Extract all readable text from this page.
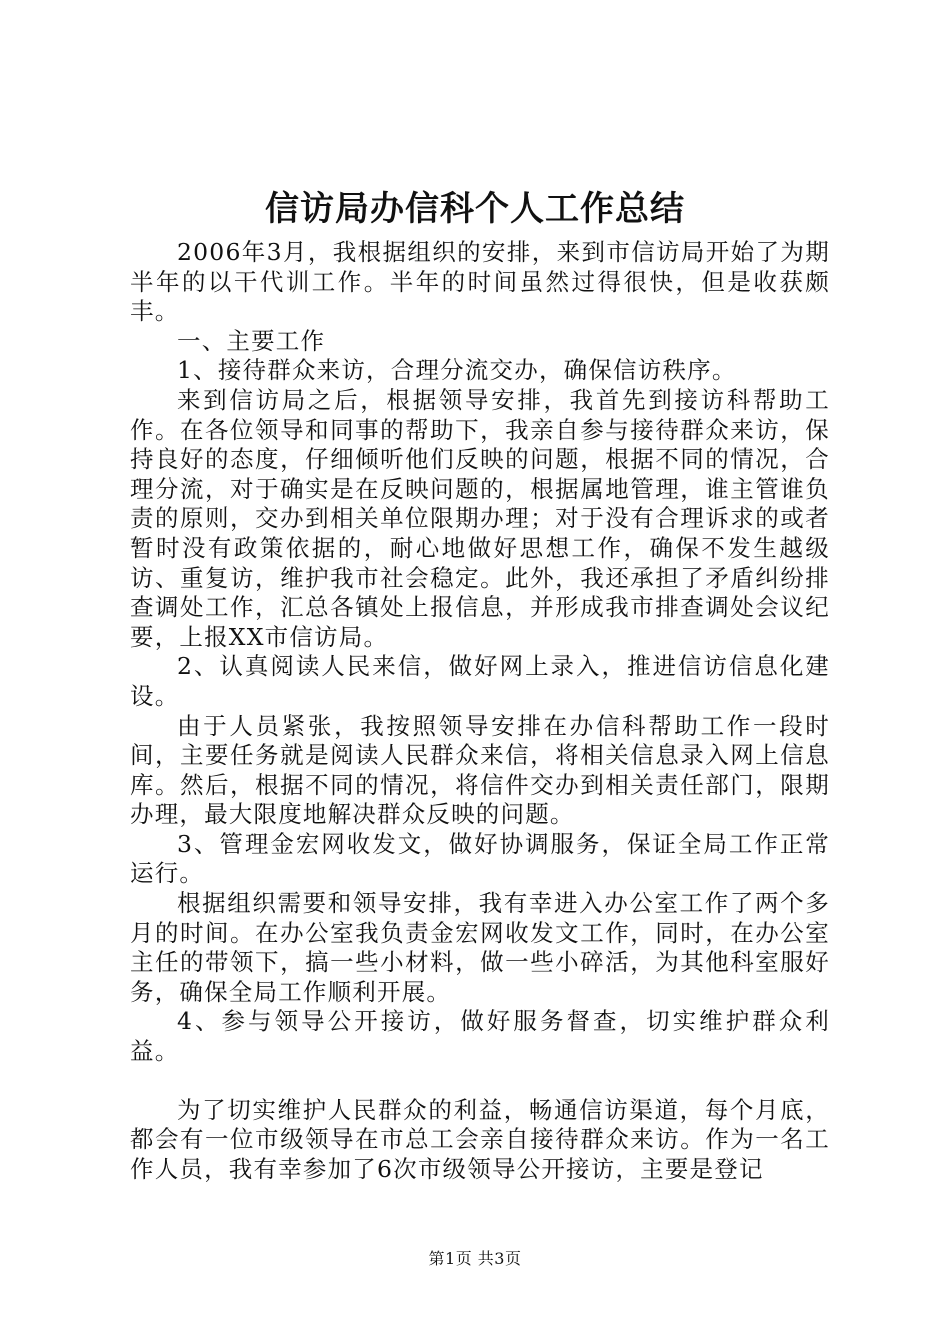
信访局办信科个人工作总结

2006年3月，我根据组织的安排，来到市信访局开始了为期半年的以干代训工作。半年的时间虽然过得很快，但是收获颇丰。

一、主要工作

1、接待群众来访，合理分流交办，确保信访秩序。

来到信访局之后，根据领导安排，我首先到接访科帮助工作。在各位领导和同事的帮助下，我亲自参与接待群众来访，保持良好的态度，仔细倾听他们反映的问题，根据不同的情况，合理分流，对于确实是在反映问题的，根据属地管理，谁主管谁负责的原则，交办到相关单位限期办理；对于没有合理诉求的或者暂时没有政策依据的，耐心地做好思想工作，确保不发生越级访、重复访，维护我市社会稳定。此外，我还承担了矛盾纠纷排查调处工作，汇总各镇处上报信息，并形成我市排查调处会议纪要，上报XX市信访局。

2、认真阅读人民来信，做好网上录入，推进信访信息化建设。

由于人员紧张，我按照领导安排在办信科帮助工作一段时间，主要任务就是阅读人民群众来信，将相关信息录入网上信息库。然后，根据不同的情况，将信件交办到相关责任部门，限期办理，最大限度地解决群众反映的问题。

3、管理金宏网收发文，做好协调服务，保证全局工作正常运行。

根据组织需要和领导安排，我有幸进入办公室工作了两个多月的时间。在办公室我负责金宏网收发文工作，同时，在办公室主任的带领下，搞一些小材料，做一些小碎活，为其他科室服好务，确保全局工作顺利开展。

4、参与领导公开接访，做好服务督查，切实维护群众利益。

为了切实维护人民群众的利益，畅通信访渠道，每个月底，都会有一位市级领导在市总工会亲自接待群众来访。作为一名工作人员，我有幸参加了6次市级领导公开接访，主要是登记

第1页 共3页
